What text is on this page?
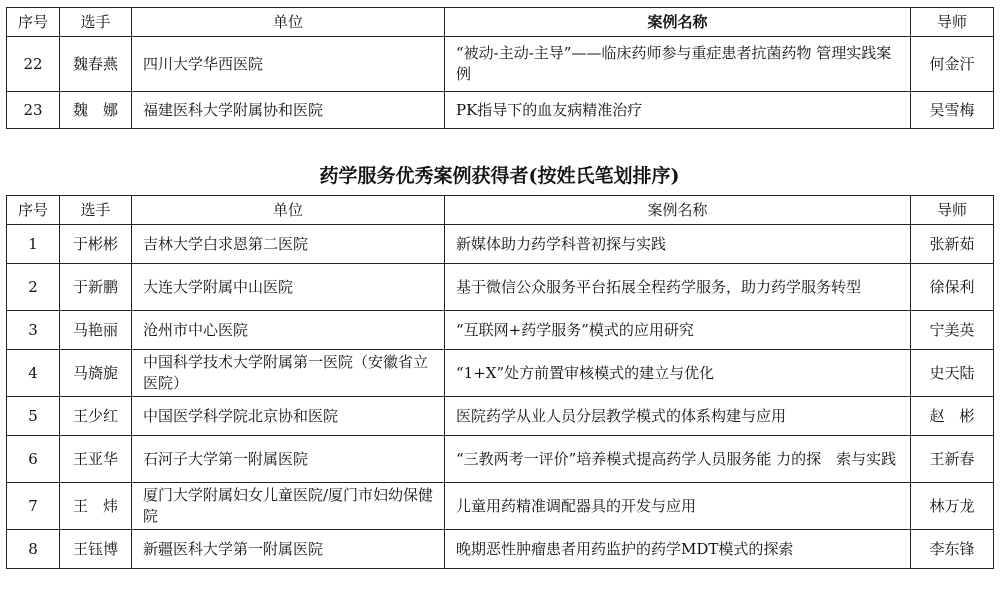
序号	选手	单位	案例名称	导师
22	魏春燕	四川大学华西医院	“被动-主动-主导”——临床药师参与重症患者抗菌药物 管理实践案例	何金汗
23	魏　娜	福建医科大学附属协和医院	PK指导下的血友病精准治疗	吴雪梅
药学服务优秀案例获得者(按姓氏笔划排序)
序号	选手	单位	案例名称	导师
1	于彬彬	吉林大学白求恩第二医院	新媒体助力药学科普初探与实践	张新茹
2	于新鹏	大连大学附属中山医院	基于微信公众服务平台拓展全程药学服务，助力药学服务转型	徐保利
3	马艳丽	沧州市中心医院	“互联网+药学服务”模式的应用研究	宁美英
4	马旖旎	中国科学技术大学附属第一医院（安徽省立医院）	“1+X”处方前置审核模式的建立与优化	史天陆
5	王少红	中国医学科学院北京协和医院	医院药学从业人员分层教学模式的体系构建与应用	赵　彬
6	王亚华	石河子大学第一附属医院	“三教两考一评价”培养模式提高药学人员服务能 力的探　索与实践	王新春
7	王　炜	厦门大学附属妇女儿童医院/厦门市妇幼保健院	儿童用药精准调配器具的开发与应用	林万龙
8	王钰博	新疆医科大学第一附属医院	晚期恶性肿瘤患者用药监护的药学MDT模式的探索	李东锋
